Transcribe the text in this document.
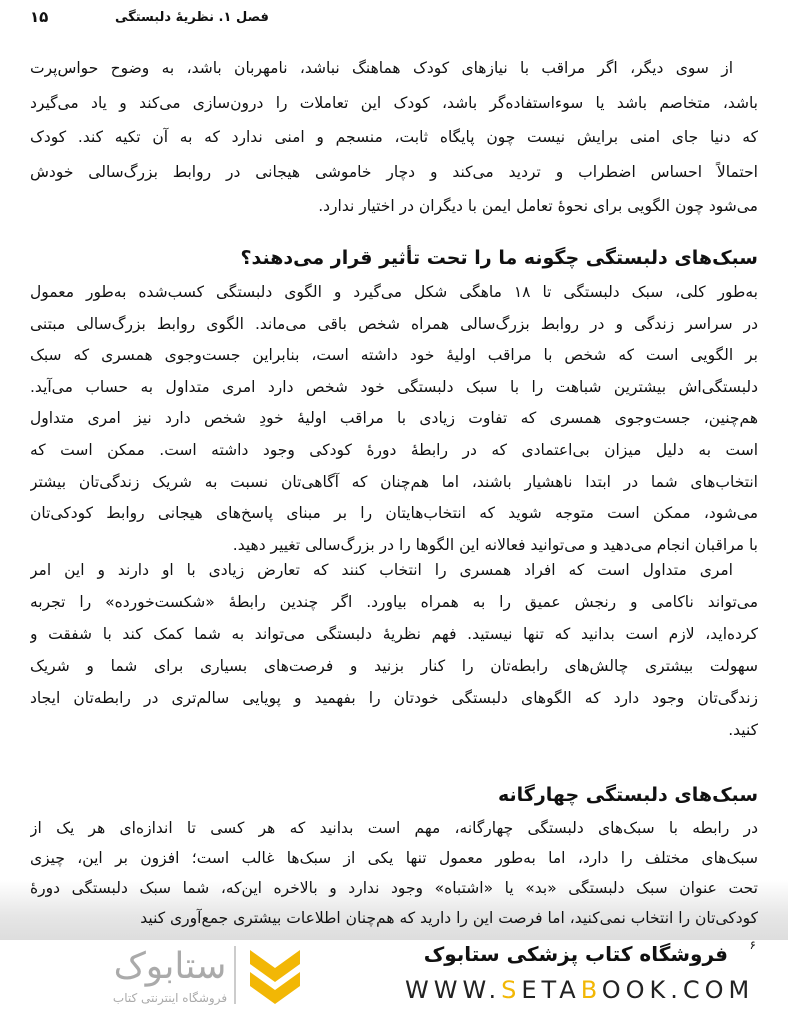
فصل ۱. نظریهٔ دلبستگی
۱۵
از سوی دیگر، اگر مراقب با نیازهای کودک هماهنگ نباشد، نامهربان باشد، به وضوح حواس‌پرت
باشد، متخاصم باشد یا سوءاستفاده‌گر باشد، کودک این تعاملات را درون‌سازی می‌کند و یاد می‌گیرد
که دنیا جای امنی برایش نیست چون پایگاه ثابت، منسجم و امنی ندارد که به آن تکیه کند. کودک
احتمالاً احساس اضطراب و تردید می‌کند و دچار خاموشی هیجانی در روابط بزرگ‌سالی خودش
می‌شود چون الگویی برای نحوهٔ تعامل ایمن با دیگران در اختیار ندارد.
سبک‌های دلبستگی چگونه ما را تحت تأثیر قرار می‌دهند؟
به‌طور کلی، سبک دلبستگی تا ۱۸ ماهگی شکل می‌گیرد و الگوی دلبستگی کسب‌شده به‌طور معمول
در سراسر زندگی و در روابط بزرگ‌سالی همراه شخص باقی می‌ماند. الگوی روابط بزرگ‌سالی مبتنی
بر الگویی است که شخص با مراقب اولیهٔ خود داشته است، بنابراین جست‌وجوی همسری که سبک
دلبستگی‌اش بیشترین شباهت را با سبک دلبستگی خود شخص دارد امری متداول به حساب می‌آید.
هم‌چنین، جست‌وجوی همسری که تفاوت زیادی با مراقب اولیهٔ خودِ شخص دارد نیز امری متداول
است به دلیل میزان بی‌اعتمادی که در رابطهٔ دورهٔ کودکی وجود داشته است. ممکن است که
انتخاب‌های شما در ابتدا ناهشیار باشند، اما هم‌چنان که آگاهی‌تان نسبت به شریک زندگی‌تان بیشتر
می‌شود، ممکن است متوجه شوید که انتخاب‌هایتان را بر مبنای پاسخ‌های هیجانی روابط کودکی‌تان
با مراقبان انجام می‌دهید و می‌توانید فعالانه این الگوها را در بزرگ‌سالی تغییر دهید.
امری متداول است که افراد همسری را انتخاب کنند که تعارض زیادی با او دارند و این امر
می‌تواند ناکامی و رنجش عمیق را به همراه بیاورد. اگر چندین رابطهٔ «شکست‌خورده» را تجربه
کرده‌اید، لازم است بدانید که تنها نیستید. فهم نظریهٔ دلبستگی می‌تواند به شما کمک کند با شفقت و
سهولت بیشتری چالش‌های رابطه‌تان را کنار بزنید و فرصت‌های بسیاری برای شما و شریک
زندگی‌تان وجود دارد که الگوهای دلبستگی خودتان را بفهمید و پویایی سالم‌تری در رابطه‌تان ایجاد
کنید.
سبک‌های دلبستگی چهارگانه
در رابطه با سبک‌های دلبستگی چهارگانه، مهم است بدانید که هر کسی تا اندازه‌ای هر یک از
سبک‌های مختلف را دارد، اما به‌طور معمول تنها یکی از سبک‌ها غالب است؛ افزون بر این، چیزی
تحت عنوان سبک دلبستگی «بد» یا «اشتباه» وجود ندارد و بالاخره این‌که، شما سبک دلبستگی دورهٔ
کودکی‌تان را انتخاب نمی‌کنید، اما فرصت این را دارید که هم‌چنان اطلاعات بیشتری جمع‌آوری کنید
ستابوک
فروشگاه اینترنتی کتاب
۶
فروشگاه کتاب پزشکی ستابوک
WWW.SETABOOK.COM
